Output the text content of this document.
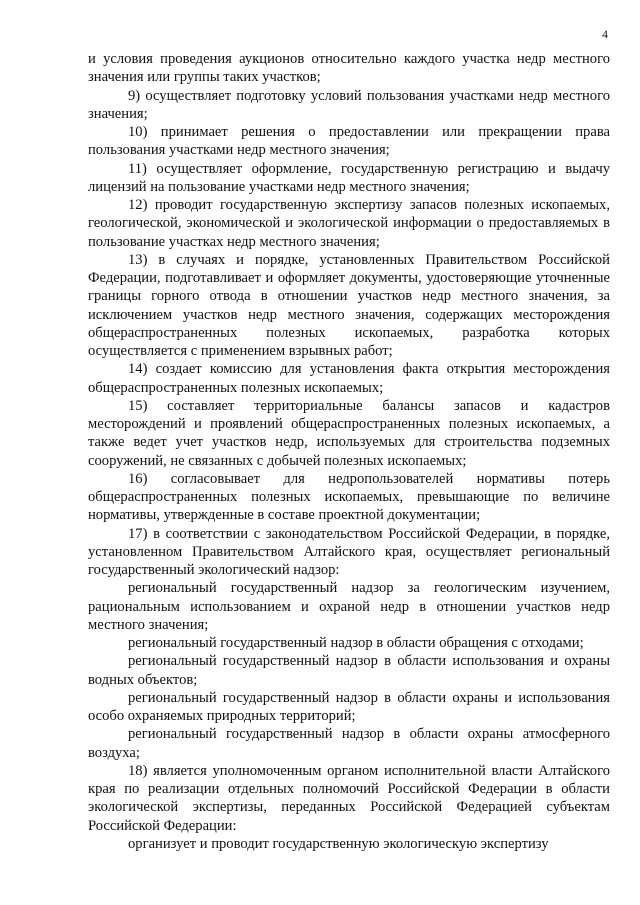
4

и условия проведения аукционов относительно каждого участка недр местного значения или группы таких участков;

9) осуществляет подготовку условий пользования участками недр местного значения;

10) принимает решения о предоставлении или прекращении права пользования участками недр местного значения;

11) осуществляет оформление, государственную регистрацию и выдачу лицензий на пользование участками недр местного значения;

12) проводит государственную экспертизу запасов полезных ископаемых, геологической, экономической и экологической информации о предоставляемых в пользование участках недр местного значения;

13) в случаях и порядке, установленных Правительством Российской Федерации, подготавливает и оформляет документы, удостоверяющие уточненные границы горного отвода в отношении участков недр местного значения, за исключением участков недр местного значения, содержащих месторождения общераспространенных полезных ископаемых, разработка которых осуществляется с применением взрывных работ;

14) создает комиссию для установления факта открытия месторождения общераспространенных полезных ископаемых;

15) составляет территориальные балансы запасов и кадастров месторождений и проявлений общераспространенных полезных ископаемых, а также ведет учет участков недр, используемых для строительства подземных сооружений, не связанных с добычей полезных ископаемых;

16) согласовывает для недропользователей нормативы потерь общераспространенных полезных ископаемых, превышающие по величине нормативы, утвержденные в составе проектной документации;

17) в соответствии с законодательством Российской Федерации, в порядке, установленном Правительством Алтайского края, осуществляет региональный государственный экологический надзор:

региональный государственный надзор за геологическим изучением, рациональным использованием и охраной недр в отношении участков недр местного значения;

региональный государственный надзор в области обращения с отходами;

региональный государственный надзор в области использования и охраны водных объектов;

региональный государственный надзор в области охраны и использования особо охраняемых природных территорий;

региональный государственный надзор в области охраны атмосферного воздуха;

18) является уполномоченным органом исполнительной власти Алтайского края по реализации отдельных полномочий Российской Федерации в области экологической экспертизы, переданных Российской Федерацией субъектам Российской Федерации:

организует и проводит государственную экологическую экспертизу
